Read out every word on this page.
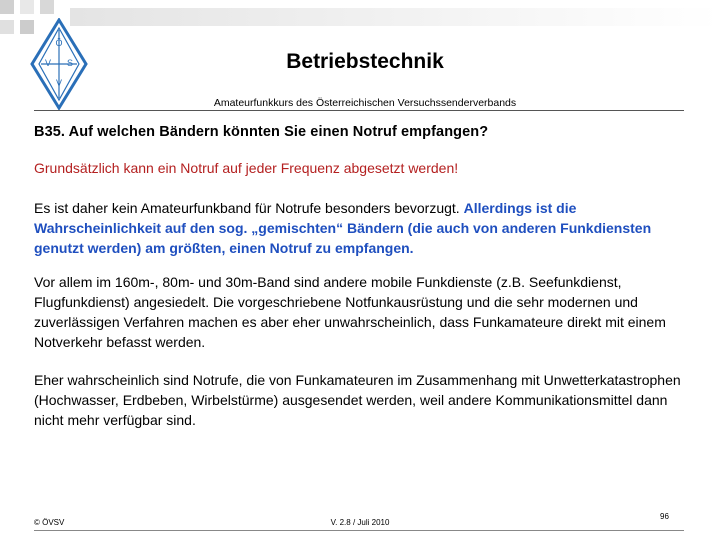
Ö
V S
V
Betriebstechnik
Amateurfunkkurs des Österreichischen Versuchssenderverbands
B35. Auf welchen Bändern könnten Sie einen Notruf empfangen?
Grundsätzlich kann ein Notruf auf jeder Frequenz abgesetzt werden!
Es ist daher kein Amateurfunkband für Notrufe besonders bevorzugt. Allerdings ist die Wahrscheinlichkeit auf den sog. „gemischten“ Bändern (die auch von anderen Funkdiensten genutzt werden) am größten, einen Notruf zu empfangen.
Vor allem im 160m-, 80m- und 30m-Band sind andere mobile Funkdienste (z.B. Seefunkdienst, Flugfunkdienst) angesiedelt. Die vorgeschriebene Notfunkausrüstung und die sehr modernen und zuverlässigen Verfahren machen es aber eher unwahrscheinlich, dass Funkamateure direkt mit einem Notverkehr befasst werden.
Eher wahrscheinlich sind Notrufe, die von Funkamateuren im Zusammenhang mit Unwetterkatastrophen (Hochwasser, Erdbeben, Wirbelstürme) ausgesendet werden, weil andere Kommunikationsmittel dann nicht mehr verfügbar sind.
© ÖVSV	V. 2.8 / Juli 2010
96
